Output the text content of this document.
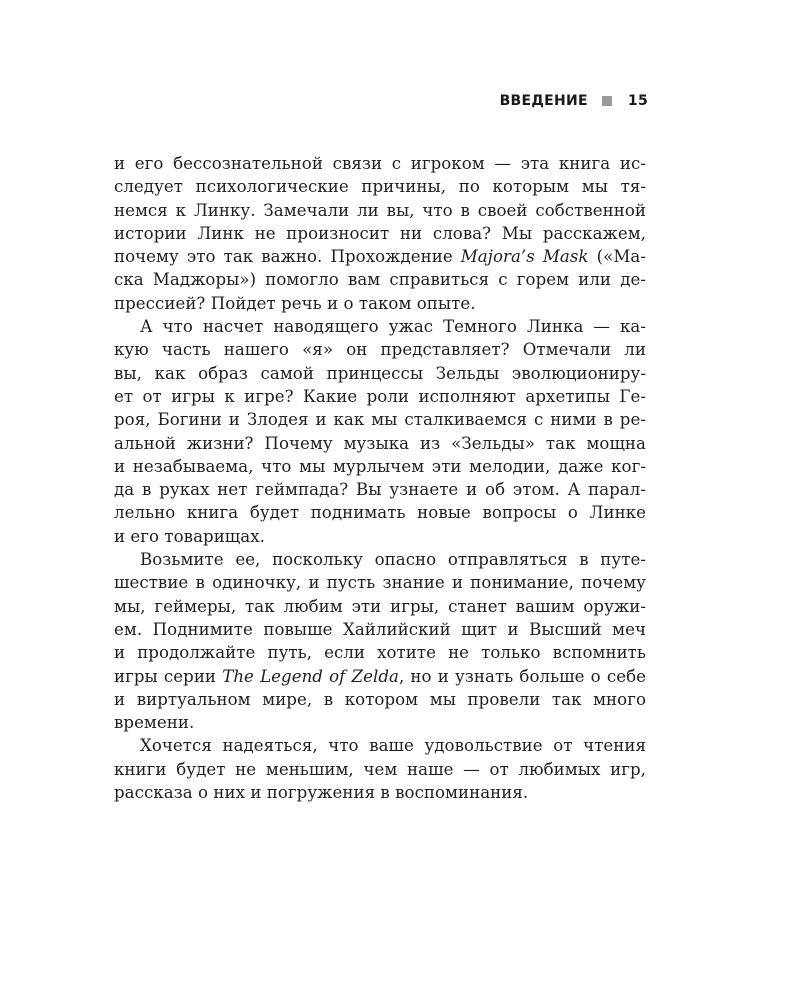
ВВЕДЕНИЕ	15
и его бессознательной связи с игроком — эта книга ис-
следует психологические причины, по которым мы тя-
немся к Линку. Замечали ли вы, что в своей собственной
истории Линк не произносит ни слова? Мы расскажем,
почему это так важно. Прохождение Majora’s Mask («Ма-
ска Маджоры») помогло вам справиться с горем или де-
прессией? Пойдет речь и о таком опыте.
А что насчет наводящего ужас Темного Линка — ка-
кую часть нашего «я» он представляет? Отмечали ли
вы, как образ самой принцессы Зельды эволюциониру-
ет от игры к игре? Какие роли исполняют архетипы Ге-
роя, Богини и Злодея и как мы сталкиваемся с ними в ре-
альной жизни? Почему музыка из «Зельды» так мощна
и незабываема, что мы мурлычем эти мелодии, даже ког-
да в руках нет геймпада? Вы узнаете и об этом. А парал-
лельно книга будет поднимать новые вопросы о Линке
и его товарищах.
Возьмите ее, поскольку опасно отправляться в путе-
шествие в одиночку, и пусть знание и понимание, почему
мы, геймеры, так любим эти игры, станет вашим оружи-
ем. Поднимите повыше Хайлийский щит и Высший меч
и продолжайте путь, если хотите не только вспомнить
игры серии The Legend of Zelda, но и узнать больше о себе
и виртуальном мире, в котором мы провели так много
времени.
Хочется надеяться, что ваше удовольствие от чтения
книги будет не меньшим, чем наше — от любимых игр,
рассказа о них и погружения в воспоминания.
